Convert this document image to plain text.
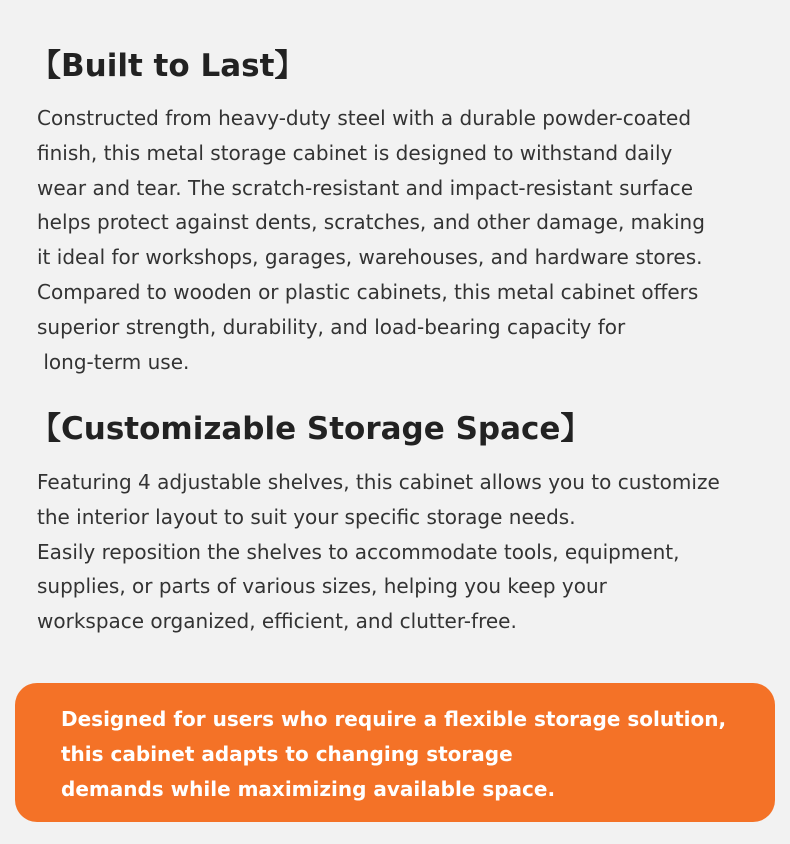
【Built to Last】
Constructed from heavy-duty steel with a durable powder-coated
finish, this metal storage cabinet is designed to withstand daily
wear and tear. The scratch-resistant and impact-resistant surface
helps protect against dents, scratches, and other damage, making
it ideal for workshops, garages, warehouses, and hardware stores.
Compared to wooden or plastic cabinets, this metal cabinet offers
superior strength, durability, and load-bearing capacity for
long-term use.
【Customizable Storage Space】
Featuring 4 adjustable shelves, this cabinet allows you to customize
the interior layout to suit your specific storage needs.
Easily reposition the shelves to accommodate tools, equipment,
supplies, or parts of various sizes, helping you keep your
workspace organized, efficient, and clutter-free.
Designed for users who require a flexible storage solution,
this cabinet adapts to changing storage
demands while maximizing available space.
